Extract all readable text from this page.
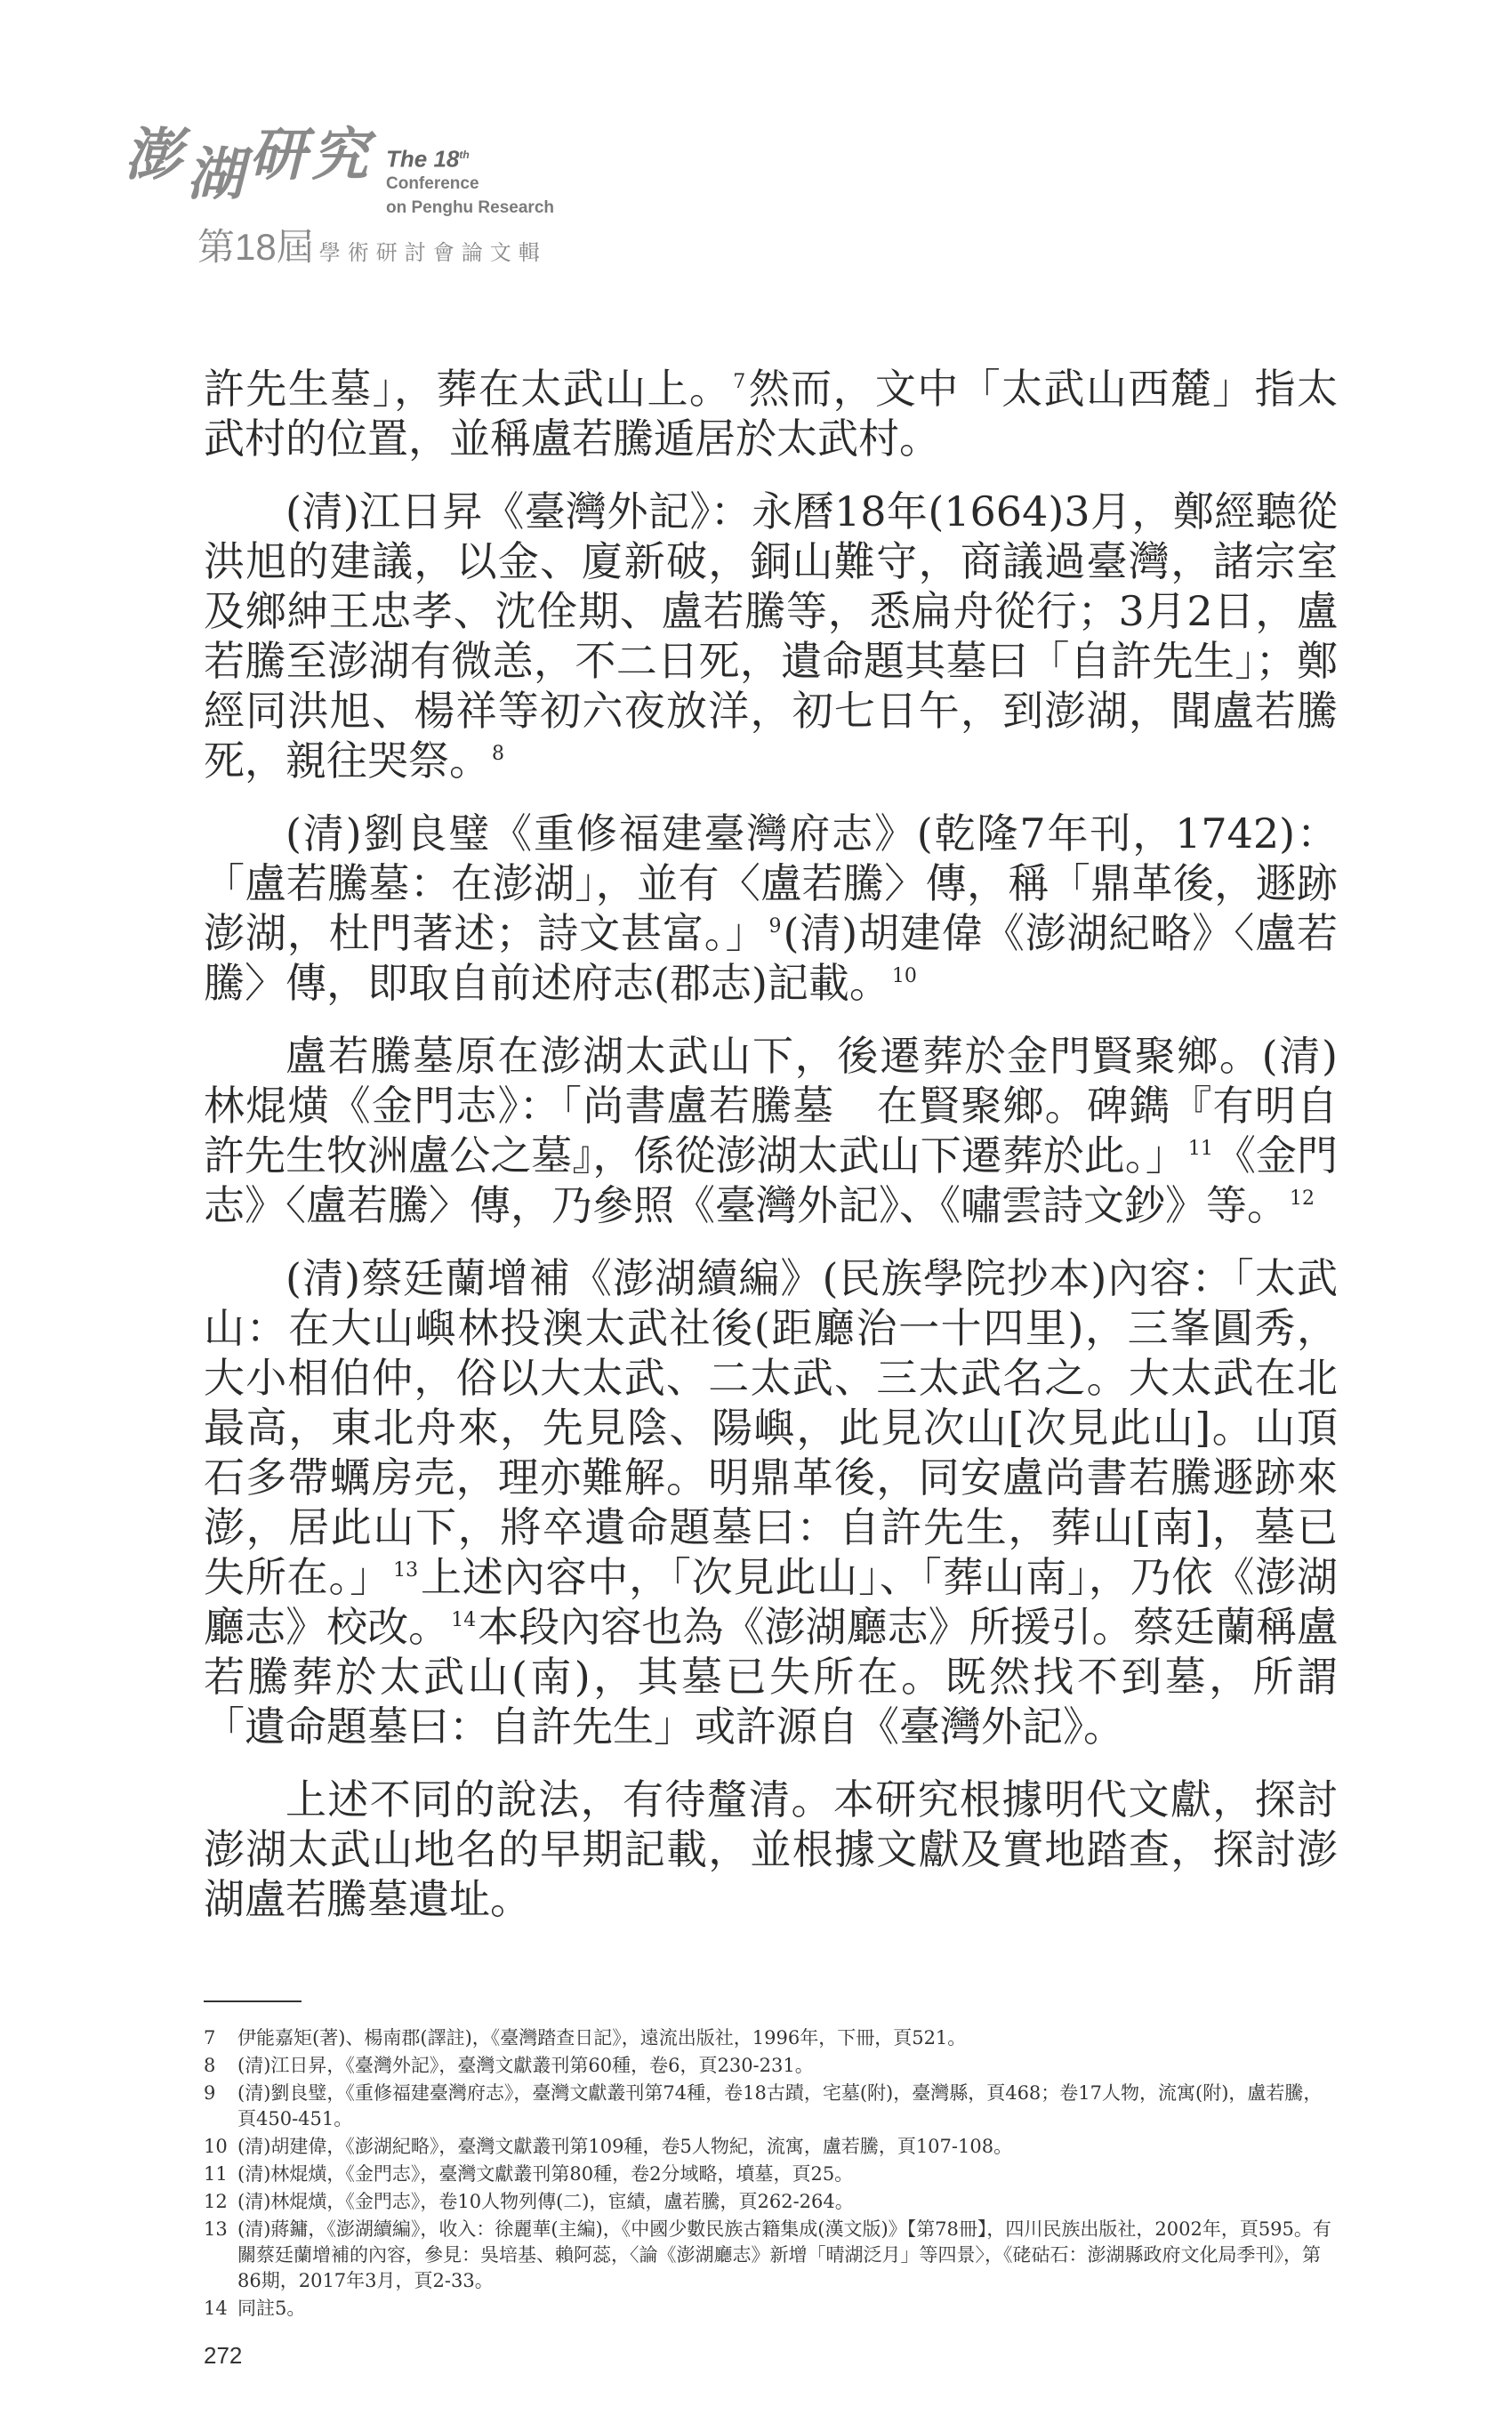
澎 湖 研 究 The 18th
Conference
on Penghu Research
第18屆 學術研討會論文輯

許先生墓」，葬在太武山上。$^7$然而，文中「太武山西麓」指太武村的位置，並稱盧若騰遁居於太武村。

(清)江日昇《臺灣外記》：永曆18年(1664)3月，鄭經聽從洪旭的建議，以金、廈新破，銅山難守，商議過臺灣，諸宗室及鄉紳王忠孝、沈佺期、盧若騰等，悉扁舟從行；3月2日，盧若騰至澎湖有微恙，不二日死，遺命題其墓曰「自許先生」；鄭經同洪旭、楊祥等初六夜放洋，初七日午，到澎湖，聞盧若騰死，親往哭祭。$^8$

(清)劉良璧《重修福建臺灣府志》(乾隆7年刊，1742)：「盧若騰墓：在澎湖」，並有〈盧若騰〉傳，稱「鼎革後，遯跡澎湖，杜門著述；詩文甚富。」$^9$(清)胡建偉《澎湖紀略》〈盧若騰〉傳，即取自前述府志(郡志)記載。$^{10}$

盧若騰墓原在澎湖太武山下，後遷葬於金門賢聚鄉。(清)林焜熿《金門志》：「尚書盧若騰墓　在賢聚鄉。碑鐫『有明自許先生牧洲盧公之墓』，係從澎湖太武山下遷葬於此。」$^{11}$《金門志》〈盧若騰〉傳，乃參照《臺灣外記》、《嘯雲詩文鈔》等。$^{12}$

(清)蔡廷蘭增補《澎湖續編》(民族學院抄本)內容：「太武山：在大山嶼林投澳太武社後(距廳治一十四里)，三峯圓秀，大小相伯仲，俗以大太武、二太武、三太武名之。大太武在北最高，東北舟來，先見陰、陽嶼，此見次山[次見此山]。山頂石多帶蠣房売，理亦難解。明鼎革後，同安盧尚書若騰遯跡來澎，居此山下，將卒遺命題墓曰：自許先生，葬山[南]，墓已失所在。」$^{13}$上述內容中，「次見此山」、「葬山南」，乃依《澎湖廳志》校改。$^{14}$本段內容也為《澎湖廳志》所援引。蔡廷蘭稱盧若騰葬於太武山(南)，其墓已失所在。既然找不到墓，所謂「遺命題墓曰：自許先生」或許源自《臺灣外記》。

上述不同的說法，有待釐清。本研究根據明代文獻，探討澎湖太武山地名的早期記載，並根據文獻及實地踏查，探討澎湖盧若騰墓遺址。

7	伊能嘉矩(著)、楊南郡(譯註)，《臺灣踏查日記》，遠流出版社，1996年，下冊，頁521。
8	(清)江日昇，《臺灣外記》，臺灣文獻叢刊第60種，卷6，頁230-231。
9	(清)劉良璧，《重修福建臺灣府志》，臺灣文獻叢刊第74種，卷18古蹟，宅墓(附)，臺灣縣，頁468；卷17人物，流寓(附)，盧若騰，頁450-451。
10 (清)胡建偉，《澎湖紀略》，臺灣文獻叢刊第109種，卷5人物紀，流寓，盧若騰，頁107-108。
11 (清)林焜熿，《金門志》，臺灣文獻叢刊第80種，卷2分域略，墳墓，頁25。
12 (清)林焜熿，《金門志》，卷10人物列傳(二)，宦績，盧若騰，頁262-264。
13 (清)蔣鏞，《澎湖續編》，收入：徐麗華(主編)，《中國少數民族古籍集成(漢文版)》【第78冊】，四川民族出版社，2002年，頁595。有關蔡廷蘭增補的內容，參見：吳培基、賴阿蕊，〈論《澎湖廳志》新增「晴湖泛月」等四景〉，《硓𥑮石：澎湖縣政府文化局季刊》，第86期，2017年3月，頁2-33。
14 同註5。
272
